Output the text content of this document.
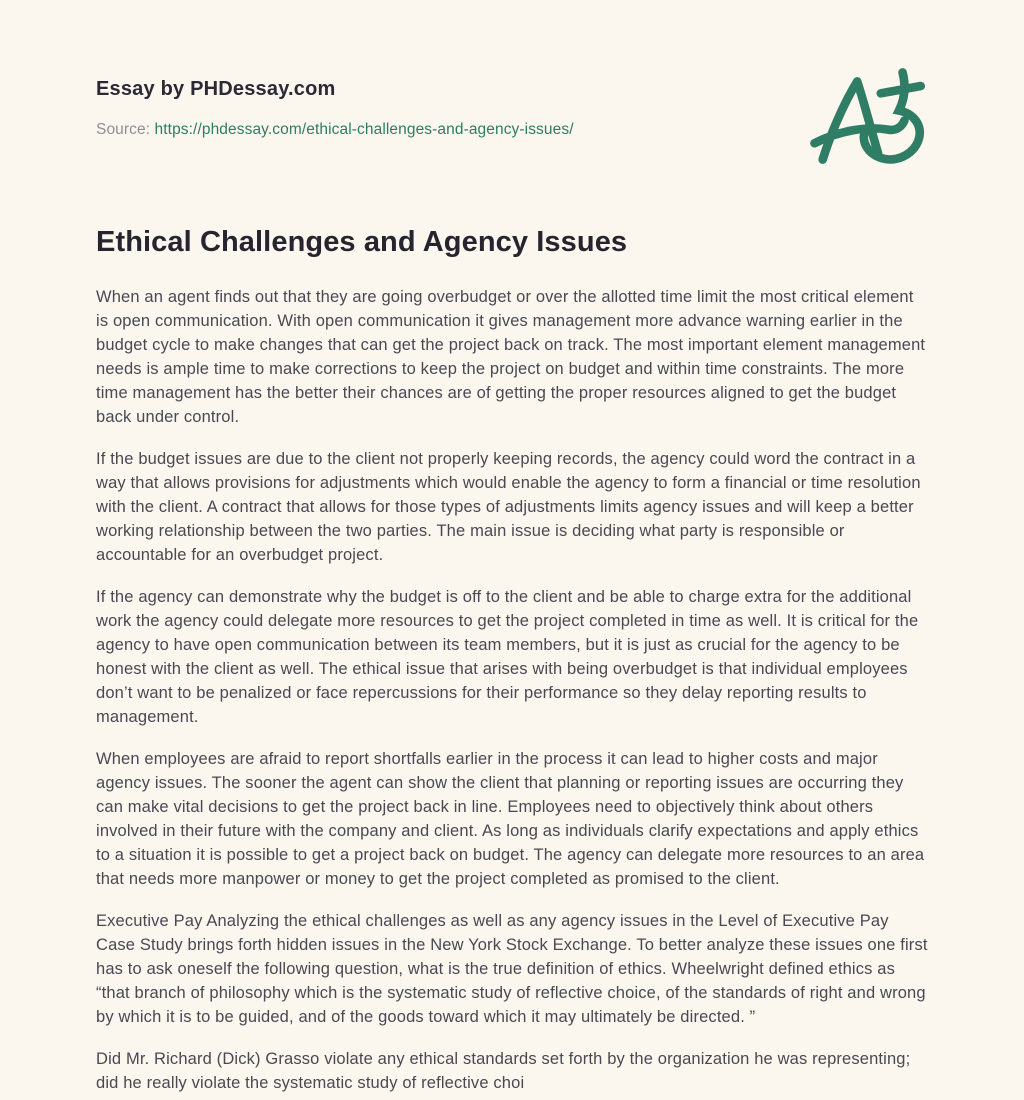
Essay by PHDessay.com
Source: https://phdessay.com/ethical-challenges-and-agency-issues/
Ethical Challenges and Agency Issues

When an agent finds out that they are going overbudget or over the allotted time limit the most critical element is open communication. With open communication it gives management more advance warning earlier in the budget cycle to make changes that can get the project back on track. The most important element management needs is ample time to make corrections to keep the project on budget and within time constraints. The more time management has the better their chances are of getting the proper resources aligned to get the budget back under control.

If the budget issues are due to the client not properly keeping records, the agency could word the contract in a way that allows provisions for adjustments which would enable the agency to form a financial or time resolution with the client. A contract that allows for those types of adjustments limits agency issues and will keep a better working relationship between the two parties. The main issue is deciding what party is responsible or accountable for an overbudget project.

If the agency can demonstrate why the budget is off to the client and be able to charge extra for the additional work the agency could delegate more resources to get the project completed in time as well. It is critical for the agency to have open communication between its team members, but it is just as crucial for the agency to be honest with the client as well. The ethical issue that arises with being overbudget is that individual employees don’t want to be penalized or face repercussions for their performance so they delay reporting results to management.

When employees are afraid to report shortfalls earlier in the process it can lead to higher costs and major agency issues. The sooner the agent can show the client that planning or reporting issues are occurring they can make vital decisions to get the project back in line. Employees need to objectively think about others involved in their future with the company and client. As long as individuals clarify expectations and apply ethics to a situation it is possible to get a project back on budget. The agency can delegate more resources to an area that needs more manpower or money to get the project completed as promised to the client.

Executive Pay Analyzing the ethical challenges as well as any agency issues in the Level of Executive Pay Case Study brings forth hidden issues in the New York Stock Exchange. To better analyze these issues one first has to ask oneself the following question, what is the true definition of ethics. Wheelwright defined ethics as “that branch of philosophy which is the systematic study of reflective choice, of the standards of right and wrong by which it is to be guided, and of the goods toward which it may ultimately be directed. ”

Did Mr. Richard (Dick) Grasso violate any ethical standards set forth by the organization he was representing; did he really violate the systematic study of reflective choi
